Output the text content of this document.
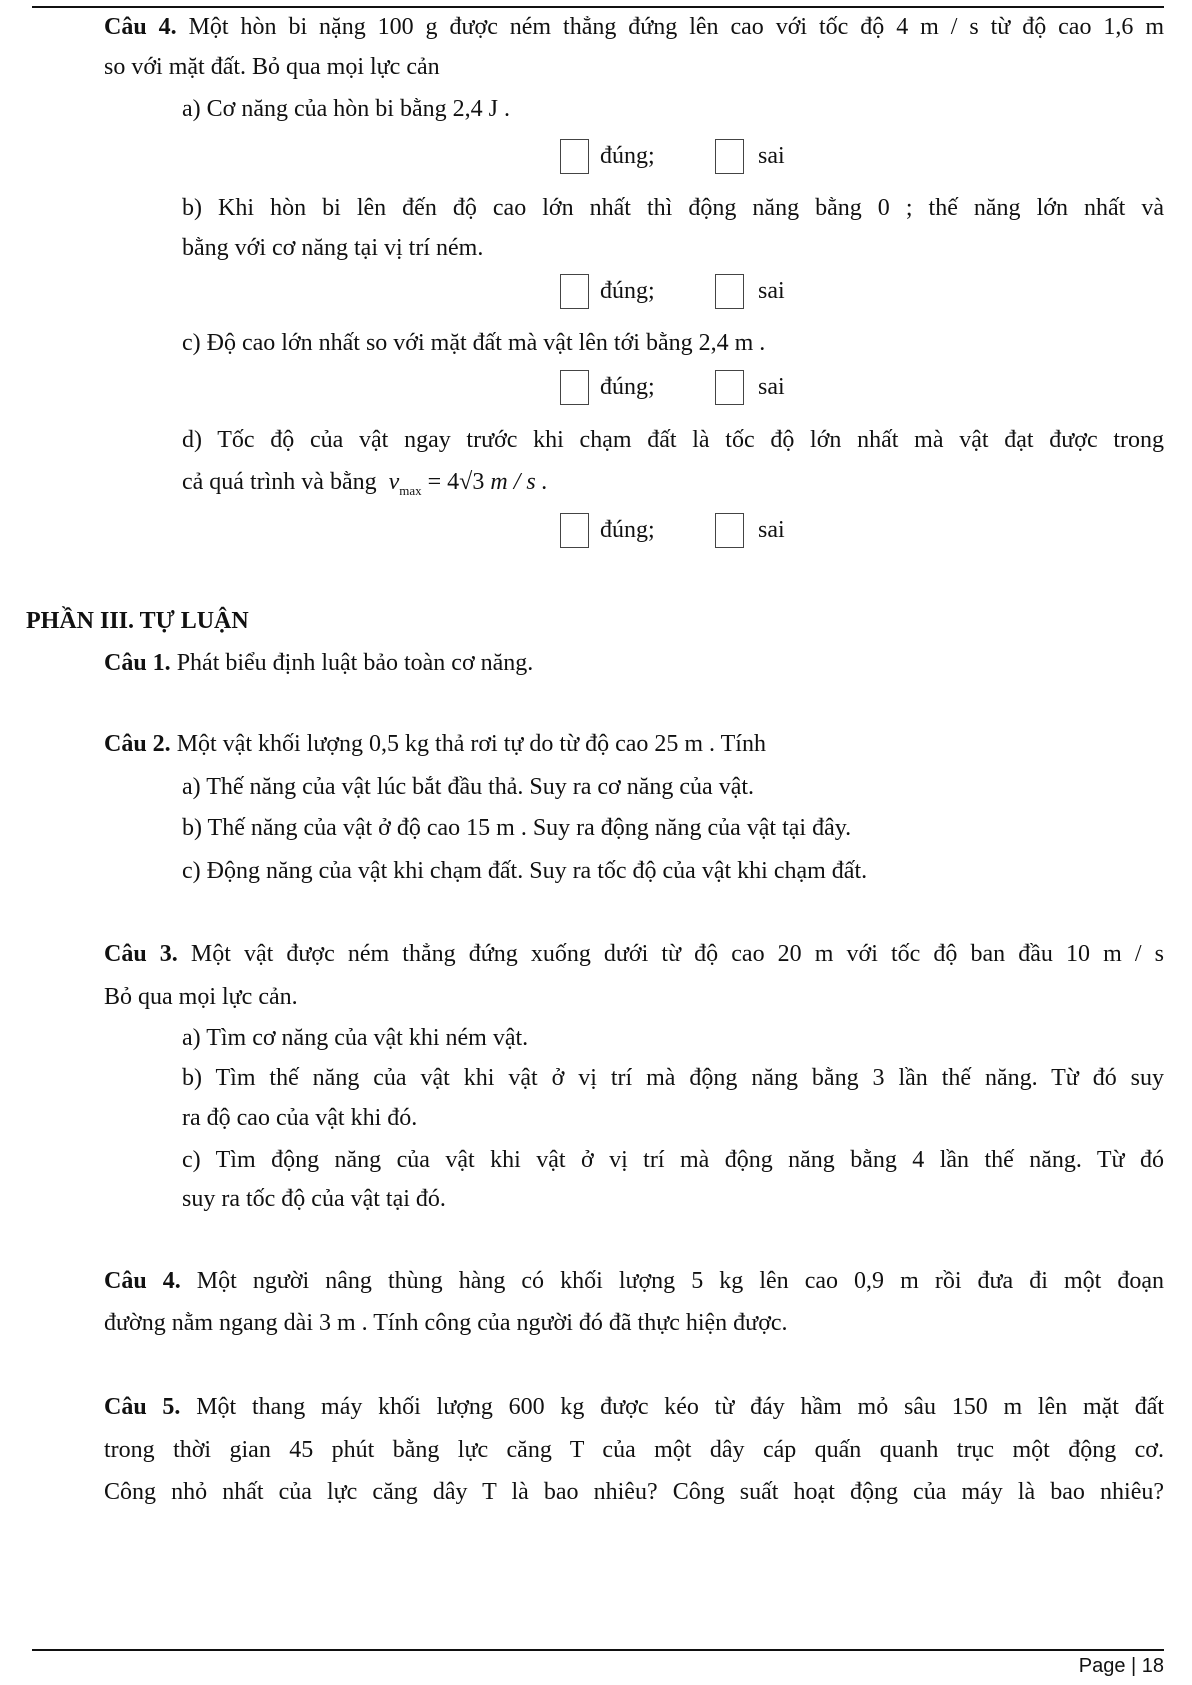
Câu 4. Một hòn bi nặng 100 g được ném thẳng đứng lên cao với tốc độ 4 m / s từ độ cao 1,6 m
so với mặt đất. Bỏ qua mọi lực cản
a) Cơ năng của hòn bi bằng 2,4 J .
đúng;	sai
b) Khi hòn bi lên đến độ cao lớn nhất thì động năng bằng 0 ; thế năng lớn nhất và
bằng với cơ năng tại vị trí ném.
đúng;	sai
c) Độ cao lớn nhất so với mặt đất mà vật lên tới bằng 2,4 m .
đúng;	sai
d) Tốc độ của vật ngay trước khi chạm đất là tốc độ lớn nhất mà vật đạt được trong
cả quá trình và bằng $v_{max} = 4√3$ m / s .
đúng;	sai
PHẦN III. TỰ LUẬN
Câu 1. Phát biểu định luật bảo toàn cơ năng.
Câu 2. Một vật khối lượng 0,5 kg thả rơi tự do từ độ cao 25 m . Tính
a) Thế năng của vật lúc bắt đầu thả. Suy ra cơ năng của vật.
b) Thế năng của vật ở độ cao 15 m . Suy ra động năng của vật tại đây.
c) Động năng của vật khi chạm đất. Suy ra tốc độ của vật khi chạm đất.
Câu 3. Một vật được ném thẳng đứng xuống dưới từ độ cao 20 m với tốc độ ban đầu 10 m / s
Bỏ qua mọi lực cản.
a) Tìm cơ năng của vật khi ném vật.
b) Tìm thế năng của vật khi vật ở vị trí mà động năng bằng 3 lần thế năng. Từ đó suy
ra độ cao của vật khi đó.
c) Tìm động năng của vật khi vật ở vị trí mà động năng bằng 4 lần thế năng. Từ đó
suy ra tốc độ của vật tại đó.
Câu 4. Một người nâng thùng hàng có khối lượng 5 kg lên cao 0,9 m rồi đưa đi một đoạn
đường nằm ngang dài 3 m . Tính công của người đó đã thực hiện được.
Câu 5. Một thang máy khối lượng 600 kg được kéo từ đáy hầm mỏ sâu 150 m lên mặt đất
trong thời gian 45 phút bằng lực căng T của một dây cáp quấn quanh trục một động cơ.
Công nhỏ nhất của lực căng dây T là bao nhiêu? Công suất hoạt động của máy là bao nhiêu?
Page | 18
